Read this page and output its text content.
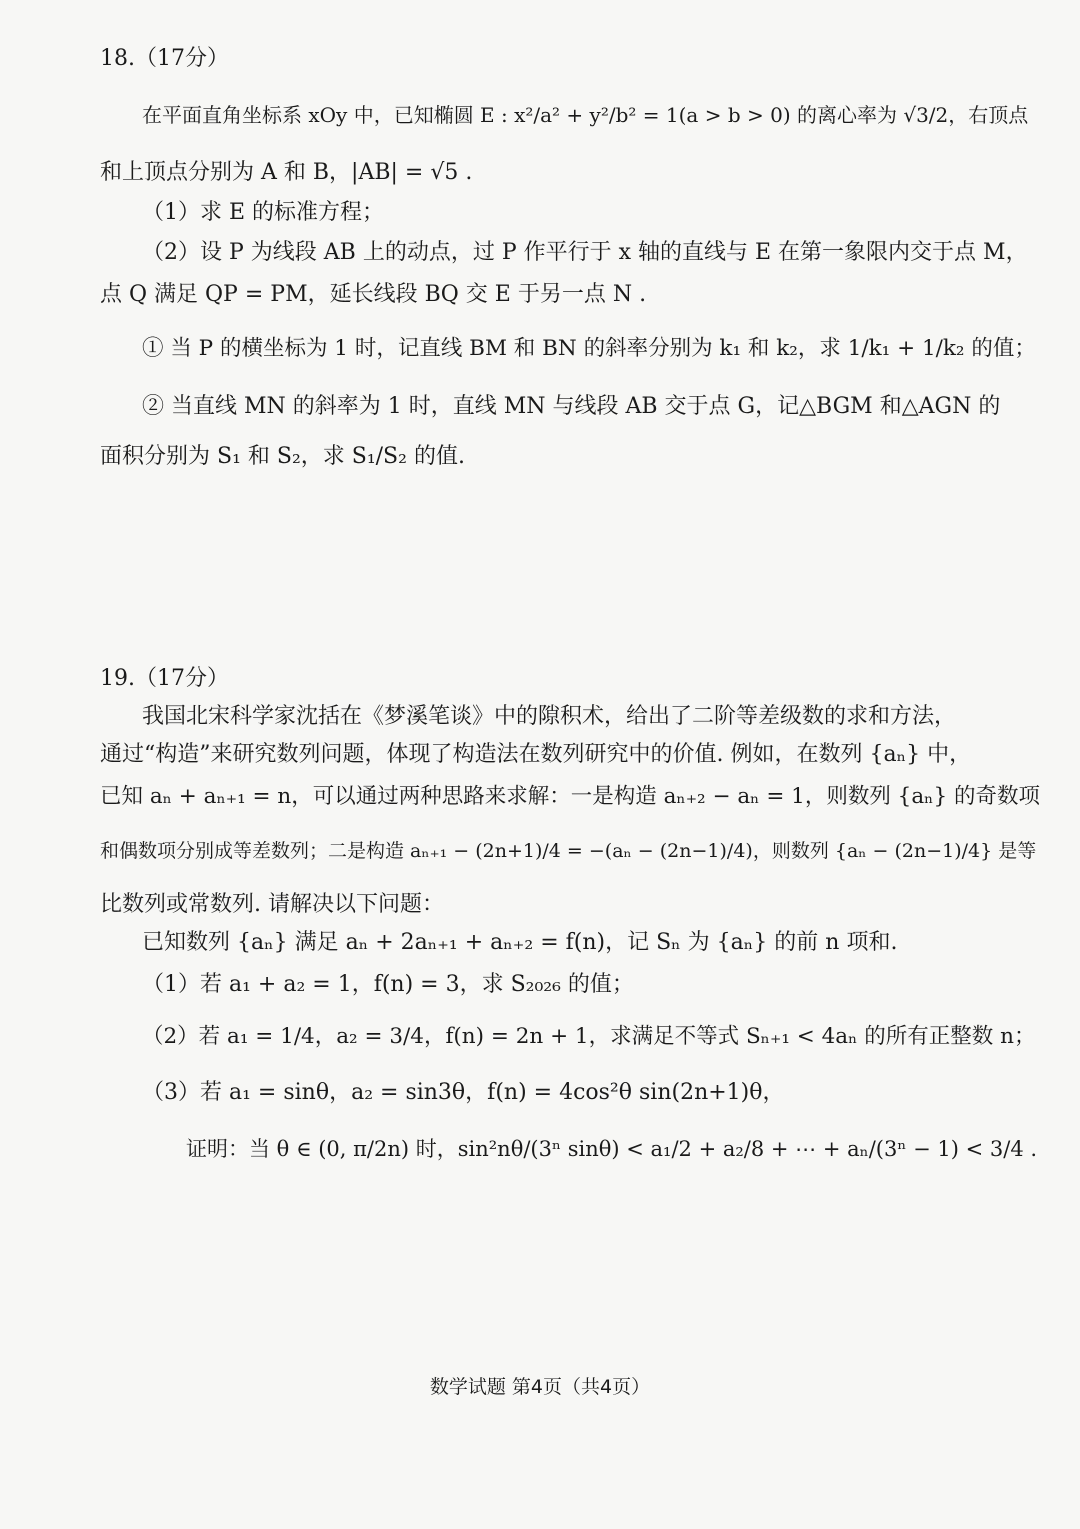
18.（17分）
在平面直角坐标系 xOy 中，已知椭圆 E : x²/a² + y²/b² = 1(a > b > 0) 的离心率为 √3/2，右顶点
和上顶点分别为 A 和 B，|AB| = √5 .
（1）求 E 的标准方程；
（2）设 P 为线段 AB 上的动点，过 P 作平行于 x 轴的直线与 E 在第一象限内交于点 M，
点 Q 满足 QP = PM，延长线段 BQ 交 E 于另一点 N .
① 当 P 的横坐标为 1 时，记直线 BM 和 BN 的斜率分别为 k₁ 和 k₂，求 1/k₁ + 1/k₂ 的值；
② 当直线 MN 的斜率为 1 时，直线 MN 与线段 AB 交于点 G，记△BGM 和△AGN 的
面积分别为 S₁ 和 S₂，求 S₁/S₂ 的值.
19.（17分）
我国北宋科学家沈括在《梦溪笔谈》中的隙积术，给出了二阶等差级数的求和方法，
通过“构造”来研究数列问题，体现了构造法在数列研究中的价值. 例如，在数列 {aₙ} 中，
已知 aₙ + aₙ₊₁ = n，可以通过两种思路来求解：一是构造 aₙ₊₂ − aₙ = 1，则数列 {aₙ} 的奇数项
和偶数项分别成等差数列；二是构造 aₙ₊₁ − (2n+1)/4 = −(aₙ − (2n−1)/4)，则数列 {aₙ − (2n−1)/4} 是等
比数列或常数列. 请解决以下问题：
已知数列 {aₙ} 满足 aₙ + 2aₙ₊₁ + aₙ₊₂ = f(n)，记 Sₙ 为 {aₙ} 的前 n 项和.
（1）若 a₁ + a₂ = 1，f(n) = 3，求 S₂₀₂₆ 的值；
（2）若 a₁ = 1/4，a₂ = 3/4，f(n) = 2n + 1，求满足不等式 Sₙ₊₁ < 4aₙ 的所有正整数 n；
（3）若 a₁ = sinθ，a₂ = sin3θ，f(n) = 4cos²θ sin(2n+1)θ，
证明：当 θ ∈ (0, π/2n) 时，sin²nθ/(3ⁿ sinθ) < a₁/2 + a₂/8 + ⋯ + aₙ/(3ⁿ − 1) < 3/4 .
数学试题 第4页（共4页）
